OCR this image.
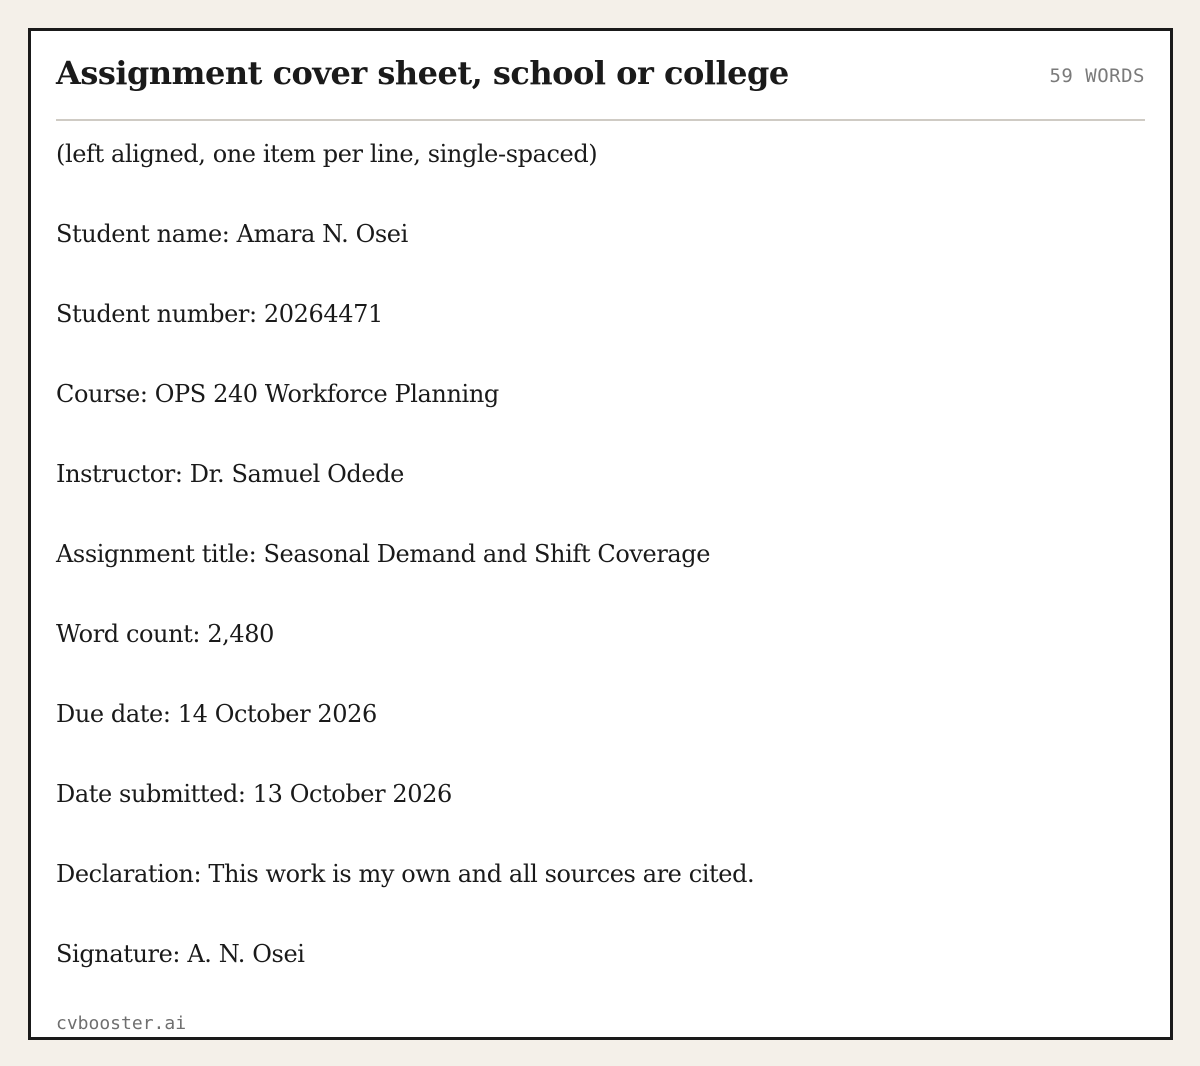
Assignment cover sheet, school or college	59 WORDS
(left aligned, one item per line, single-spaced)
Student name: Amara N. Osei
Student number: 20264471
Course: OPS 240 Workforce Planning
Instructor: Dr. Samuel Odede
Assignment title: Seasonal Demand and Shift Coverage
Word count: 2,480
Due date: 14 October 2026
Date submitted: 13 October 2026
Declaration: This work is my own and all sources are cited.
Signature: A. N. Osei
cvbooster.ai
